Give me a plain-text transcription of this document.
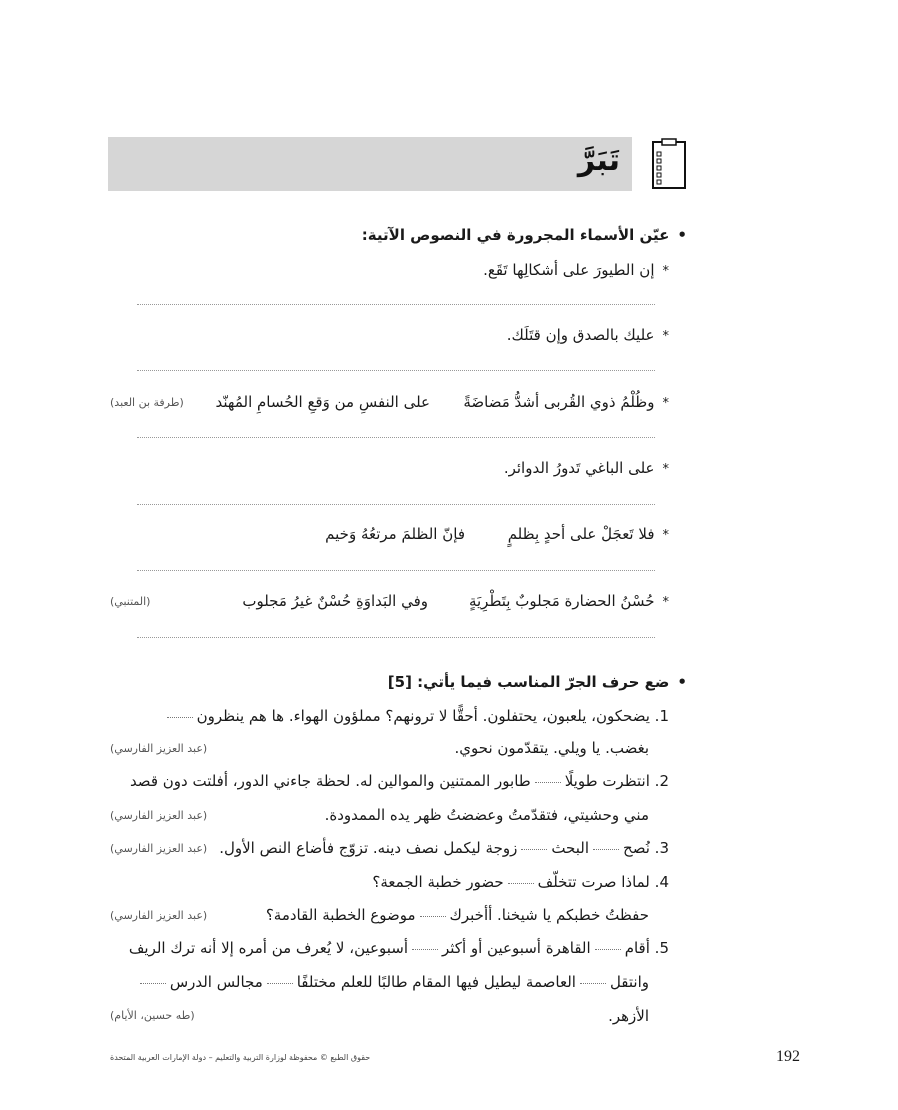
تَبَرَّ
•عيّن الأسماء المجرورة في النصوص الآتية:
*إن الطيورَ على أشكالِها تَقَع.
*عليك بالصدق وإن قتَلَك.
*وظُلْمُ ذوي القُربى أشدُّ مَضاضَةً
على النفسِ من وَقعِ الحُسامِ المُهنّد
(طرفة بن العبد)
*على الباغي تَدورُ الدوائر.
*فلا تَعجَلْ على أحدٍ بِظلمٍ
فإنّ الظلمَ مرتعُهُ وَخيم
*حُسْنُ الحضارة مَجلوبٌ بِتَطْرِيَةٍ
وفي البَداوَةِ حُسْنٌ غيرُ مَجلوب
(المتنبي)
•ضع حرف الجرّ المناسب فيما يأتي: [5]
1. يضحكون، يلعبون، يحتفلون. أحقًّا لا ترونهم؟ مملؤون الهواء. ها هم ينظرون
بغضب. يا ويلي. يتقدّمون نحوي.
(عبد العزيز الفارسي)
2. انتظرت طويلًاطابور الممتنين والموالين له. لحظة جاءني الدور، أفلتت دون قصد
مني وحشيتي، فتقدّمتُ وعضضتُ ظهر يده الممدودة.
(عبد العزيز الفارسي)
3. نُصحالبحثزوجة ليكمل نصف دينه. تزوّج فأضاع النص الأول.
(عبد العزيز الفارسي)
4. لماذا صرت تتخلّفحضور خطبة الجمعة؟
حفظتُ خطبكم يا شيخنا. أأخبركموضوع الخطبة القادمة؟
(عبد العزيز الفارسي)
5. أقامالقاهرة أسبوعين أو أكثرأسبوعين، لا يُعرف من أمره إلا أنه ترك الريف
وانتقلالعاصمة ليطيل فيها المقام طالبًا للعلم مختلفًامجالس الدرس
الأزهر.
(طه حسين، الأيام)
192
حقوق الطبع © محفوظة لوزارة التربية والتعليم – دولة الإمارات العربية المتحدة
